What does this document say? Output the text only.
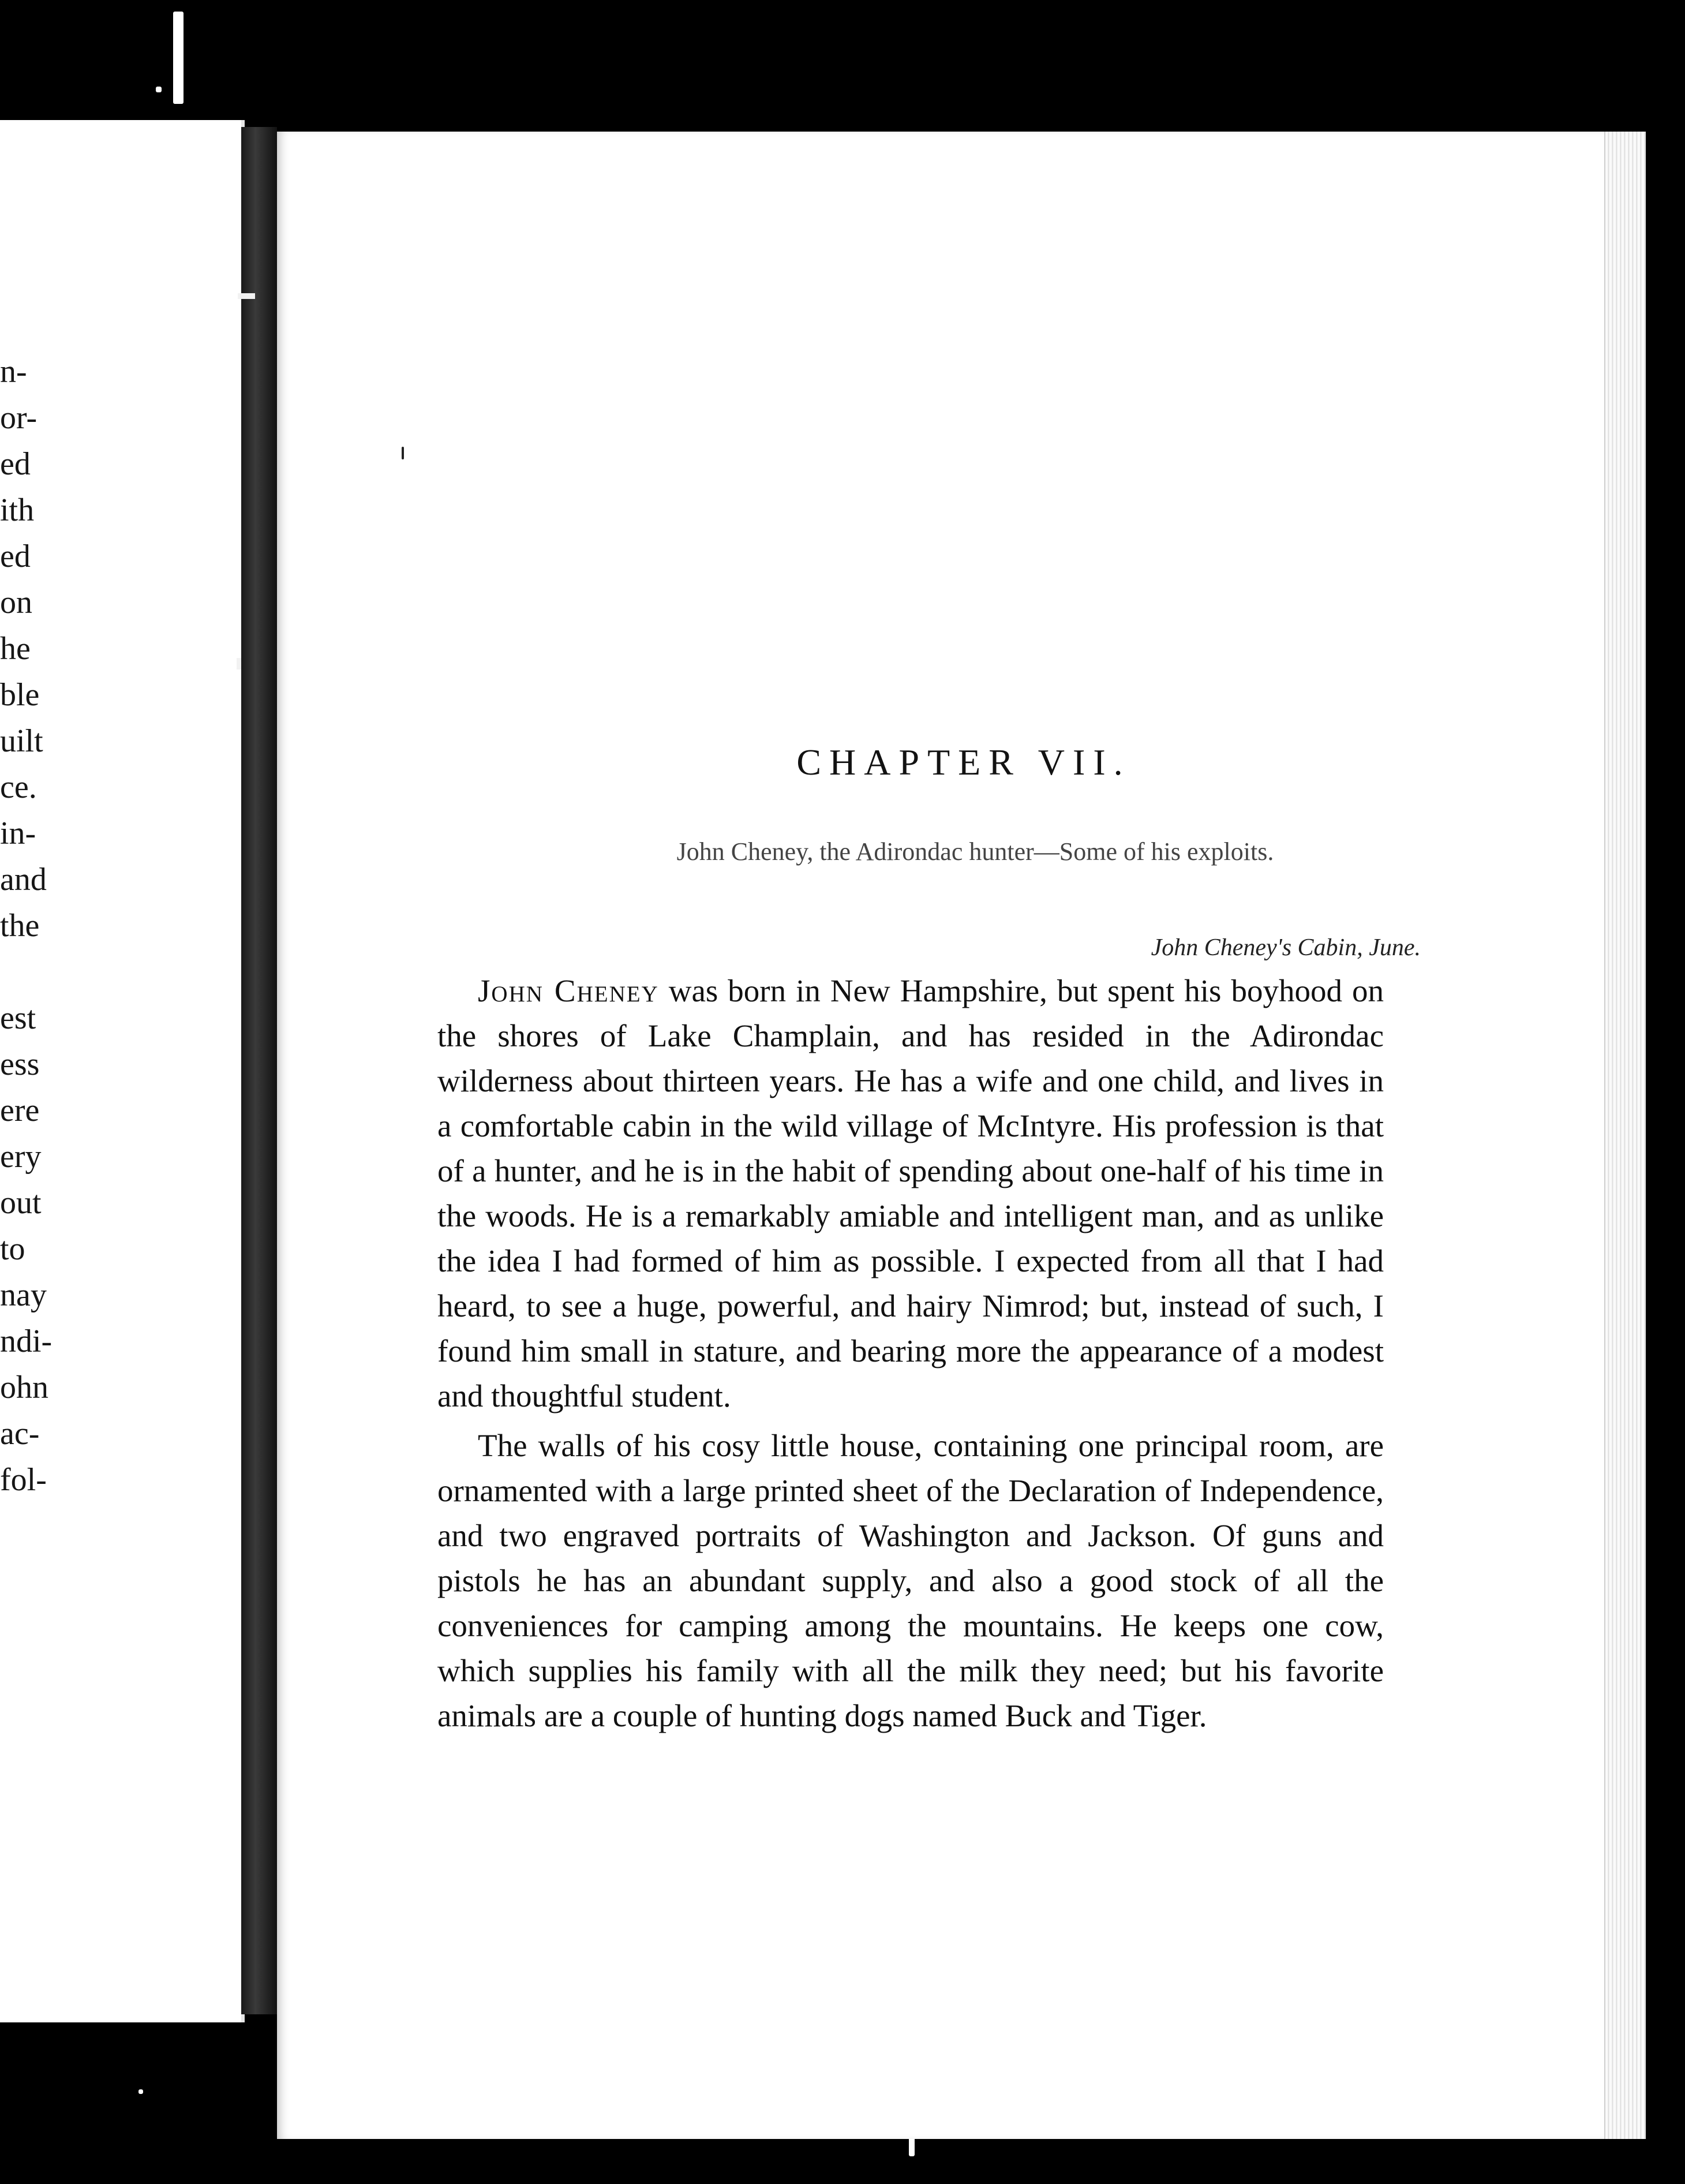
n-
or-
ed
ith
ed
on
he
ble
uilt
ce.
in-
and
the
est
ess
ere
ery
out
to
nay
ndi-
ohn
ac-
fol-
CHAPTER VII.
John Cheney, the Adirondac hunter—Some of his exploits.
John Cheney's Cabin, June.

John Cheney was born in New Hampshire, but spent his boyhood on the shores of Lake Champlain, and has resided in the Adirondac wilderness about thirteen years. He has a wife and one child, and lives in a comfortable cabin in the wild village of McIntyre. His profession is that of a hunter, and he is in the habit of spending about one-half of his time in the woods. He is a remarkably amiable and intelligent man, and as unlike the idea I had formed of him as possible. I expected from all that I had heard, to see a huge, powerful, and hairy Nimrod; but, instead of such, I found him small in stature, and bearing more the appearance of a modest and thoughtful student.

The walls of his cosy little house, containing one principal room, are ornamented with a large printed sheet of the Declaration of Independence, and two engraved portraits of Washington and Jackson. Of guns and pistols he has an abundant supply, and also a good stock of all the conveniences for camping among the mountains. He keeps one cow, which supplies his family with all the milk they need; but his favorite animals are a couple of hunting dogs named Buck and Tiger.
